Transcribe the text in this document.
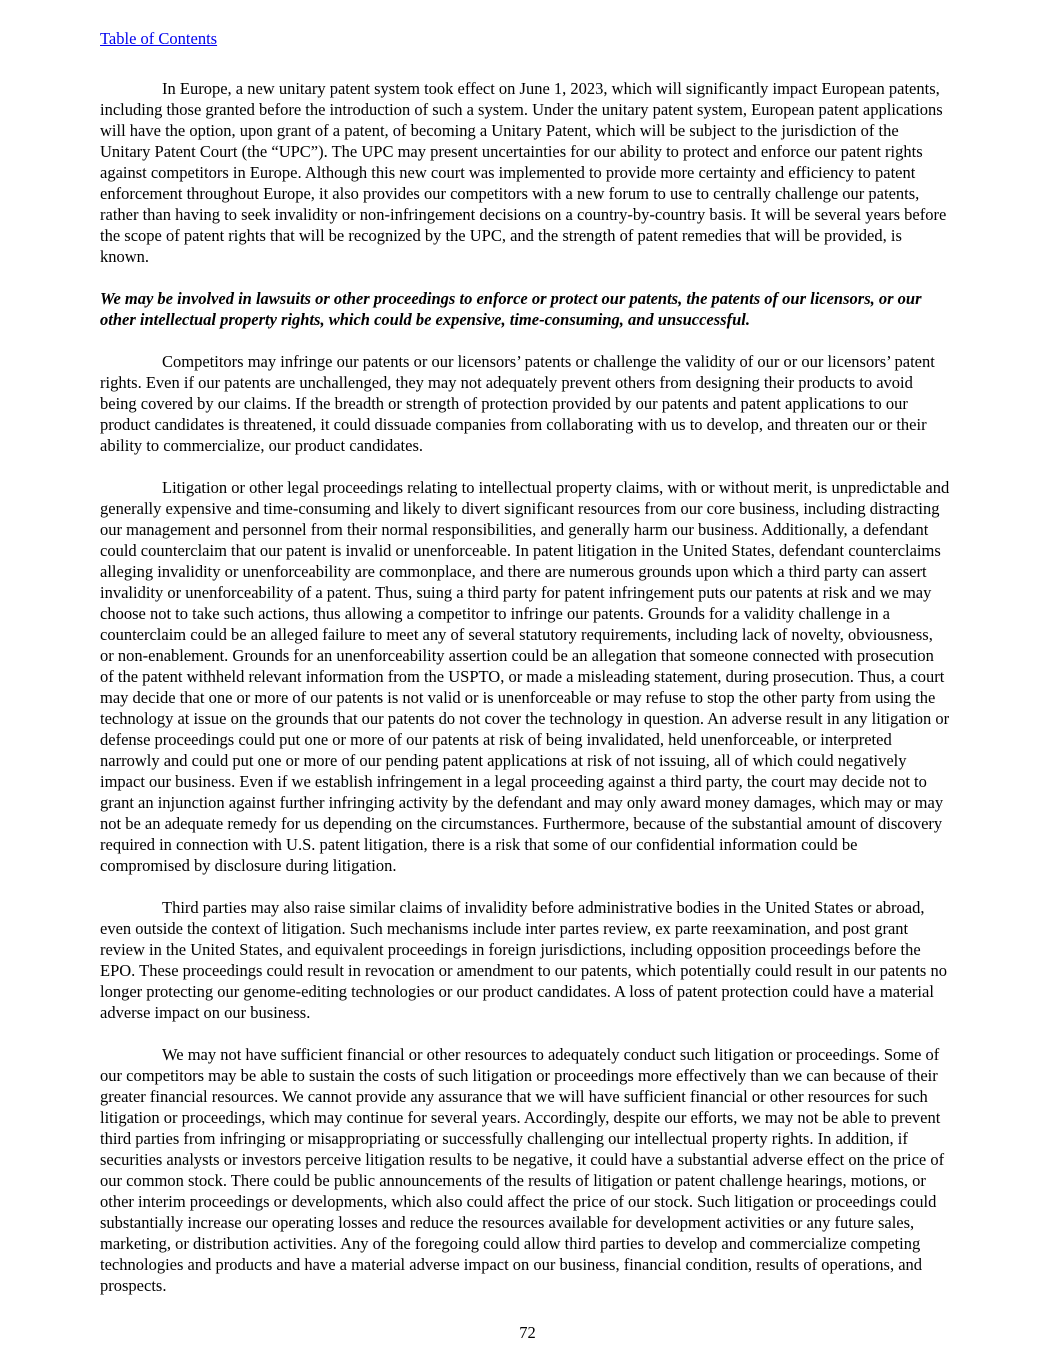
Table of Contents

In Europe, a new unitary patent system took effect on June 1, 2023, which will significantly impact European patents, including those granted before the introduction of such a system. Under the unitary patent system, European patent applications will have the option, upon grant of a patent, of becoming a Unitary Patent, which will be subject to the jurisdiction of the Unitary Patent Court (the “UPC”). The UPC may present uncertainties for our ability to protect and enforce our patent rights against competitors in Europe. Although this new court was implemented to provide more certainty and efficiency to patent enforcement throughout Europe, it also provides our competitors with a new forum to use to centrally challenge our patents, rather than having to seek invalidity or non-infringement decisions on a country-by-country basis. It will be several years before the scope of patent rights that will be recognized by the UPC, and the strength of patent remedies that will be provided, is known.

We may be involved in lawsuits or other proceedings to enforce or protect our patents, the patents of our licensors, or our other intellectual property rights, which could be expensive, time-consuming, and unsuccessful.

Competitors may infringe our patents or our licensors’ patents or challenge the validity of our or our licensors’ patent rights. Even if our patents are unchallenged, they may not adequately prevent others from designing their products to avoid being covered by our claims. If the breadth or strength of protection provided by our patents and patent applications to our product candidates is threatened, it could dissuade companies from collaborating with us to develop, and threaten our or their ability to commercialize, our product candidates.

Litigation or other legal proceedings relating to intellectual property claims, with or without merit, is unpredictable and generally expensive and time-consuming and likely to divert significant resources from our core business, including distracting our management and personnel from their normal responsibilities, and generally harm our business. Additionally, a defendant could counterclaim that our patent is invalid or unenforceable. In patent litigation in the United States, defendant counterclaims alleging invalidity or unenforceability are commonplace, and there are numerous grounds upon which a third party can assert invalidity or unenforceability of a patent. Thus, suing a third party for patent infringement puts our patents at risk and we may choose not to take such actions, thus allowing a competitor to infringe our patents. Grounds for a validity challenge in a counterclaim could be an alleged failure to meet any of several statutory requirements, including lack of novelty, obviousness, or non-enablement. Grounds for an unenforceability assertion could be an allegation that someone connected with prosecution of the patent withheld relevant information from the USPTO, or made a misleading statement, during prosecution. Thus, a court may decide that one or more of our patents is not valid or is unenforceable or may refuse to stop the other party from using the technology at issue on the grounds that our patents do not cover the technology in question. An adverse result in any litigation or defense proceedings could put one or more of our patents at risk of being invalidated, held unenforceable, or interpreted narrowly and could put one or more of our pending patent applications at risk of not issuing, all of which could negatively impact our business. Even if we establish infringement in a legal proceeding against a third party, the court may decide not to grant an injunction against further infringing activity by the defendant and may only award money damages, which may or may not be an adequate remedy for us depending on the circumstances. Furthermore, because of the substantial amount of discovery required in connection with U.S. patent litigation, there is a risk that some of our confidential information could be compromised by disclosure during litigation.

Third parties may also raise similar claims of invalidity before administrative bodies in the United States or abroad, even outside the context of litigation. Such mechanisms include inter partes review, ex parte reexamination, and post grant review in the United States, and equivalent proceedings in foreign jurisdictions, including opposition proceedings before the EPO. These proceedings could result in revocation or amendment to our patents, which potentially could result in our patents no longer protecting our genome-editing technologies or our product candidates. A loss of patent protection could have a material adverse impact on our business.

We may not have sufficient financial or other resources to adequately conduct such litigation or proceedings. Some of our competitors may be able to sustain the costs of such litigation or proceedings more effectively than we can because of their greater financial resources. We cannot provide any assurance that we will have sufficient financial or other resources for such litigation or proceedings, which may continue for several years. Accordingly, despite our efforts, we may not be able to prevent third parties from infringing or misappropriating or successfully challenging our intellectual property rights. In addition, if securities analysts or investors perceive litigation results to be negative, it could have a substantial adverse effect on the price of our common stock. There could be public announcements of the results of litigation or patent challenge hearings, motions, or other interim proceedings or developments, which also could affect the price of our stock. Such litigation or proceedings could substantially increase our operating losses and reduce the resources available for development activities or any future sales, marketing, or distribution activities. Any of the foregoing could allow third parties to develop and commercialize competing technologies and products and have a material adverse impact on our business, financial condition, results of operations, and prospects.

72
